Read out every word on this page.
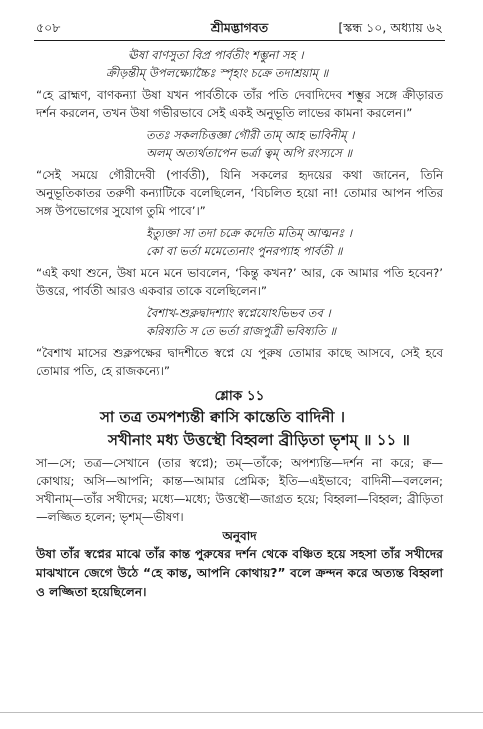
৫০৮	শ্রীমদ্ভাগবত	[স্কন্ধ ১০, অধ্যায় ৬২
ঊষা বাণসুতা বিপ্র পার্বতীং শম্ভুনা সহ ।
ক্রীড়ন্তীম্ উপলক্ষ্যোচ্চৈঃ স্পৃহাং চক্রে তদাশ্রয়াম্ ॥
“হে ব্রাহ্মণ, বাণকন্যা উষা যখন পার্বতীকে তাঁর পতি দেবাদিদেব শম্ভুর সঙ্গে ক্রীড়ারত দর্শন করলেন, তখন উষা গভীরভাবে সেই একই অনুভূতি লাভের কামনা করলেন।”
ততঃ সকলচিত্তজ্ঞা গৌরী তাম্ আহ ভাবিনীম্ ।
অলম্ অত্যর্থতাপেন ভর্ত্রা ত্বম্ অপি রংস্যসে ॥
“সেই সময়ে গৌরীদেবী (পার্বতী), যিনি সকলের হৃদয়ের কথা জানেন, তিনি অনুভূতিকাতর তরুণী কন্যাটিকে বলেছিলেন, ‘বিচলিত হয়ো না! তোমার আপন পতির সঙ্গ উপভোগের সুযোগ তুমি পাবে’।”
ইত্যুক্তা সা তদা চক্রে কদেতি মতিম্ আত্মনঃ ।
কো বা ভর্তা মমেত্যেনাং পুনরপ্যাহ পার্বতী ॥
“এই কথা শুনে, উষা মনে মনে ভাবলেন, ‘কিন্তু কখন?’ আর, কে আমার পতি হবেন?’ উত্তরে, পার্বতী আরও একবার তাকে বলেছিলেন।”
বৈশাখ-শুক্লদ্বাদশ্যাং স্বপ্নেযোঽভিভব তব ।
করিষ্যতি স তে ভর্তা রাজপুত্রী ভবিষ্যতি ॥
“বৈশাখ মাসের শুক্লপক্ষের দ্বাদশীতে স্বপ্নে যে পুরুষ তোমার কাছে আসবে, সেই হবে তোমার পতি, হে রাজকন্যে।”
শ্লোক ১১
সা তত্র তমপশ্যন্তী ক্বাসি কান্তেতি বাদিনী ।
সখীনাং মধ্য উত্তস্থৌ বিহ্বলা ব্রীড়িতা ভৃশম্ ॥ ১১ ॥
সা—সে; তত্র—সেখানে (তার স্বপ্নে); তম্—তাঁকে; অপশ্যন্তি—দর্শন না করে; ক্ব—কোথায়; অসি—আপনি; কান্ত—আমার প্রেমিক; ইতি—এইভাবে; বাদিনী—বললেন; সখীনাম্—তাঁর সখীদের; মধ্যে—মধ্যে; উত্তস্থৌ—জাগ্রত হয়ে; বিহ্বলা—বিহ্বল; ব্রীড়িতা—লজ্জিত হলেন; ভৃশম্—ভীষণ।
অনুবাদ
উষা তাঁর স্বপ্নের মাঝে তাঁর কান্ত পুরুষের দর্শন থেকে বঞ্চিত হয়ে সহসা তাঁর সখীদের মাঝখানে জেগে উঠে “হে কান্ত, আপনি কোথায়?” বলে ক্রন্দন করে অত্যন্ত বিহ্বলা ও লজ্জিতা হয়েছিলেন।
